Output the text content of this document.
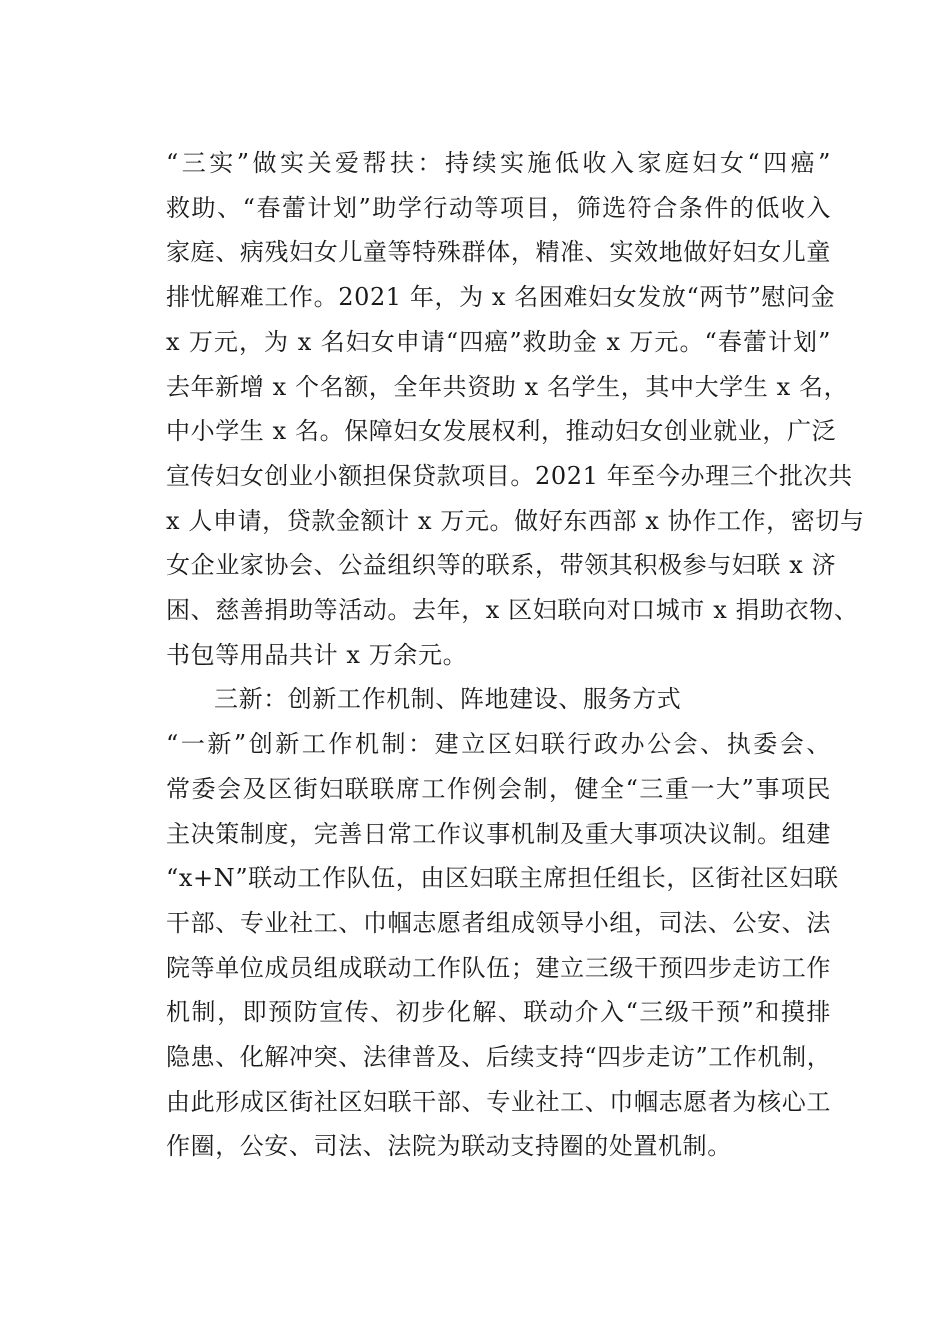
“三实”做实关爱帮扶：持续实施低收入家庭妇女“四癌”
救助、“春蕾计划”助学行动等项目，筛选符合条件的低收入
家庭、病残妇女儿童等特殊群体，精准、实效地做好妇女儿童
排忧解难工作。2021 年，为 x 名困难妇女发放“两节”慰问金
x 万元，为 x 名妇女申请“四癌”救助金 x 万元。“春蕾计划”
去年新增 x 个名额，全年共资助 x 名学生，其中大学生 x 名，
中小学生 x 名。保障妇女发展权利，推动妇女创业就业，广泛
宣传妇女创业小额担保贷款项目。2021 年至今办理三个批次共
x 人申请，贷款金额计 x 万元。做好东西部 x 协作工作，密切与
女企业家协会、公益组织等的联系，带领其积极参与妇联 x 济
困、慈善捐助等活动。去年，x 区妇联向对口城市 x 捐助衣物、
书包等用品共计 x 万余元。
三新：创新工作机制、阵地建设、服务方式
“一新”创新工作机制：建立区妇联行政办公会、执委会、
常委会及区街妇联联席工作例会制，健全“三重一大”事项民
主决策制度，完善日常工作议事机制及重大事项决议制。组建
“x+N”联动工作队伍，由区妇联主席担任组长，区街社区妇联
干部、专业社工、巾帼志愿者组成领导小组，司法、公安、法
院等单位成员组成联动工作队伍；建立三级干预四步走访工作
机制，即预防宣传、初步化解、联动介入“三级干预”和摸排
隐患、化解冲突、法律普及、后续支持“四步走访”工作机制，
由此形成区街社区妇联干部、专业社工、巾帼志愿者为核心工
作圈，公安、司法、法院为联动支持圈的处置机制。
